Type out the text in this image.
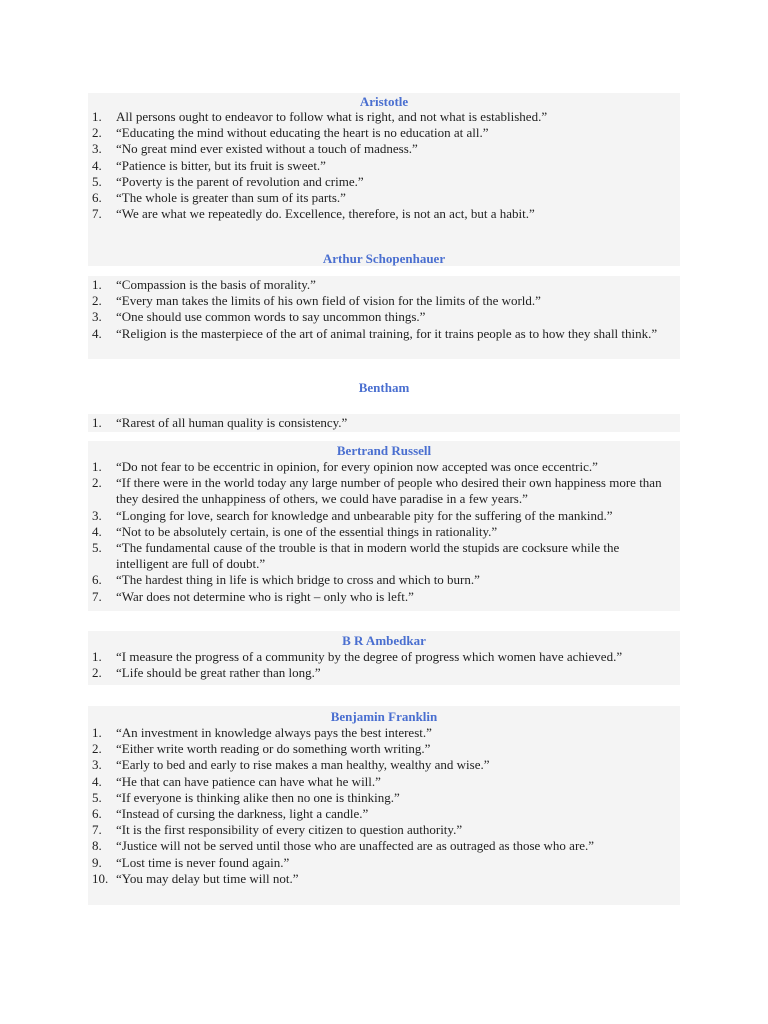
Aristotle
1.	All persons ought to endeavor to follow what is right, and not what is established.”
2.	“Educating the mind without educating the heart is no education at all.”
3.	“No great mind ever existed without a touch of madness.”
4.	“Patience is bitter, but its fruit is sweet.”
5.	“Poverty is the parent of revolution and crime.”
6.	“The whole is greater than sum of its parts.”
7.	“We are what we repeatedly do. Excellence, therefore, is not an act, but a habit.”
Arthur Schopenhauer
1.	“Compassion is the basis of morality.”
2.	“Every man takes the limits of his own field of vision for the limits of the world.”
3.	“One should use common words to say uncommon things.”
4.	“Religion is the masterpiece of the art of animal training, for it trains people as to how they shall think.”
Bentham
1.	“Rarest of all human quality is consistency.”
Bertrand Russell
1.	“Do not fear to be eccentric in opinion, for every opinion now accepted was once eccentric.”
2.	“If there were in the world today any large number of people who desired their own happiness more than they desired the unhappiness of others, we could have paradise in a few years.”
3.	“Longing for love, search for knowledge and unbearable pity for the suffering of the mankind.”
4.	“Not to be absolutely certain, is one of the essential things in rationality.”
5.	“The fundamental cause of the trouble is that in modern world the stupids are cocksure while the intelligent are full of doubt.”
6.	“The hardest thing in life is which bridge to cross and which to burn.”
7.	“War does not determine who is right – only who is left.”
B R Ambedkar
1.	“I measure the progress of a community by the degree of progress which women have achieved.”
2.	“Life should be great rather than long.”
Benjamin Franklin
1.	“An investment in knowledge always pays the best interest.”
2.	“Either write worth reading or do something worth writing.”
3.	“Early to bed and early to rise makes a man healthy, wealthy and wise.”
4.	“He that can have patience can have what he will.”
5.	“If everyone is thinking alike then no one is thinking.”
6.	“Instead of cursing the darkness, light a candle.”
7.	“It is the first responsibility of every citizen to question authority.”
8.	“Justice will not be served until those who are unaffected are as outraged as those who are.”
9.	“Lost time is never found again.”
10. “You may delay but time will not.”
